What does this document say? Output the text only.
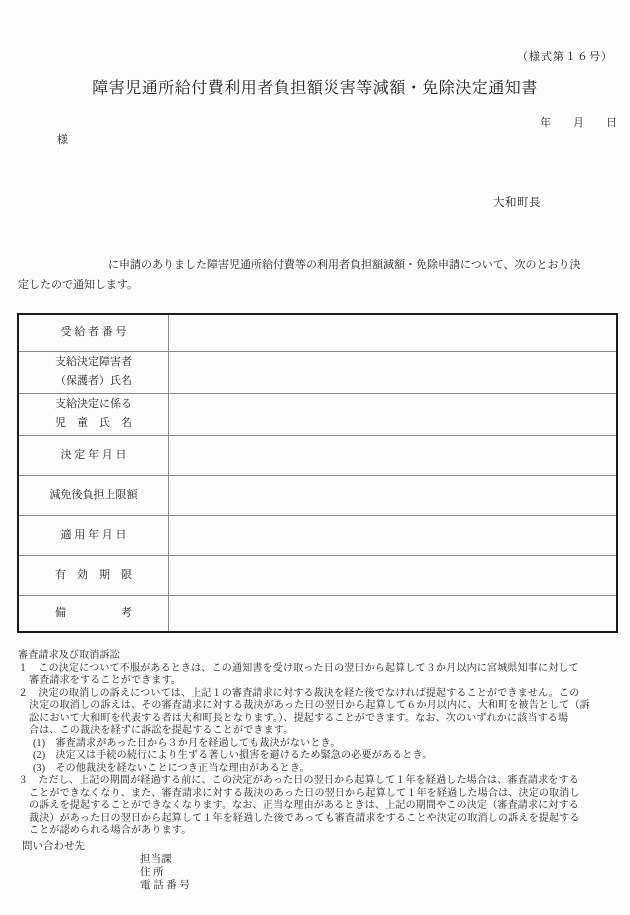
（様式第１６号）
障害児通所給付費利用者負担額災害等減額・免除決定通知書
年　　月　　日
様
大和町長
に申請のありました障害児通所給付費等の利用者負担額減額・免除申請について、次のとおり決
定したので通知します。
受 給 者 番 号	

支給決定障害者
（保護者）氏名	

支給決定に係る
児　童　氏　名	

決 定 年 月 日	

減免後負担上限額	

適 用 年 月 日	

有　効　期　限	

備　　　　　考	

審査請求及び取消訴訟
１　この決定について不服があるときは、この通知書を受け取った日の翌日から起算して３か月以内に宮城県知事に対して
審査請求をすることができます。
２　決定の取消しの訴えについては、上記１の審査請求に対する裁決を経た後でなければ提起することができません。この
決定の取消しの訴えは、その審査請求に対する裁決があった日の翌日から起算して６か月以内に、大和町を被告として（訴
訟において大和町を代表する者は大和町長となります。）、提起することができます。なお、次のいずれかに該当する場
合は、この裁決を経ずに訴訟を提起することができます。
(1)　審査請求があった日から３か月を経過しても裁決がないとき。
(2)　決定又は手続の続行により生ずる著しい損害を避けるため緊急の必要があるとき。
(3)　その他裁決を経ないことにつき正当な理由があるとき。
３　ただし、上記の期間が経過する前に、この決定があった日の翌日から起算して１年を経過した場合は、審査請求をする
ことができなくなり、また、審査請求に対する裁決のあった日の翌日から起算して１年を経過した場合は、決定の取消し
の訴えを提起することができなくなります。なお、正当な理由があるときは、上記の期間やこの決定（審査請求に対する
裁決）があった日の翌日から起算して１年を経過した後であっても審査請求をすることや決定の取消しの訴えを提起する
ことが認められる場合があります。
問い合わせ先
担当課
住 所
電 話 番 号
